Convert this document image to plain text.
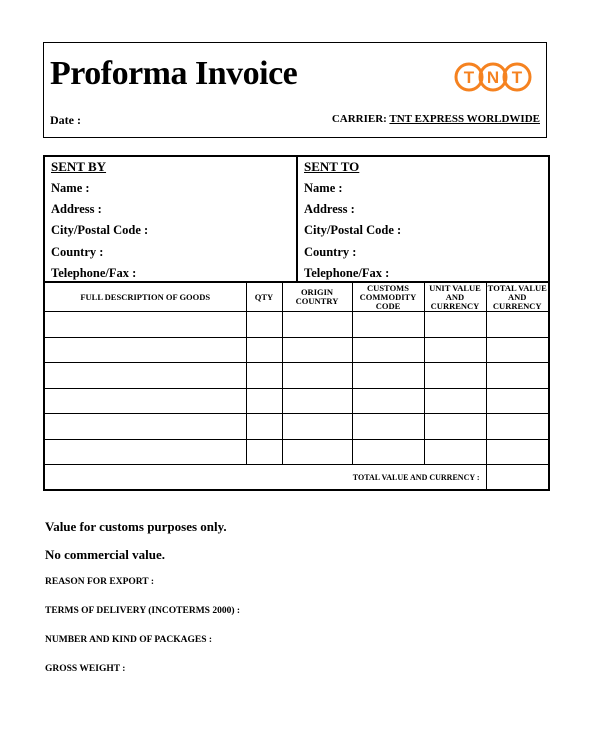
Proforma Invoice	T N T
Date :	CARRIER: TNT EXPRESS WORLDWIDE
SENT BY
Name :
Address :
City/Postal Code :
Country :
Telephone/Fax :
SENT TO
Name :
Address :
City/Postal Code :
Country :
Telephone/Fax :
FULL DESCRIPTION OF GOODS	QTY	ORIGIN COUNTRY	CUSTOMS COMMODITY CODE	UNIT VALUE AND CURRENCY	TOTAL VALUE AND CURRENCY

TOTAL VALUE AND CURRENCY :					

Value for customs purposes only.

No commercial value.

REASON FOR EXPORT :

TERMS OF DELIVERY (INCOTERMS 2000) :

NUMBER AND KIND OF PACKAGES :

GROSS WEIGHT :
